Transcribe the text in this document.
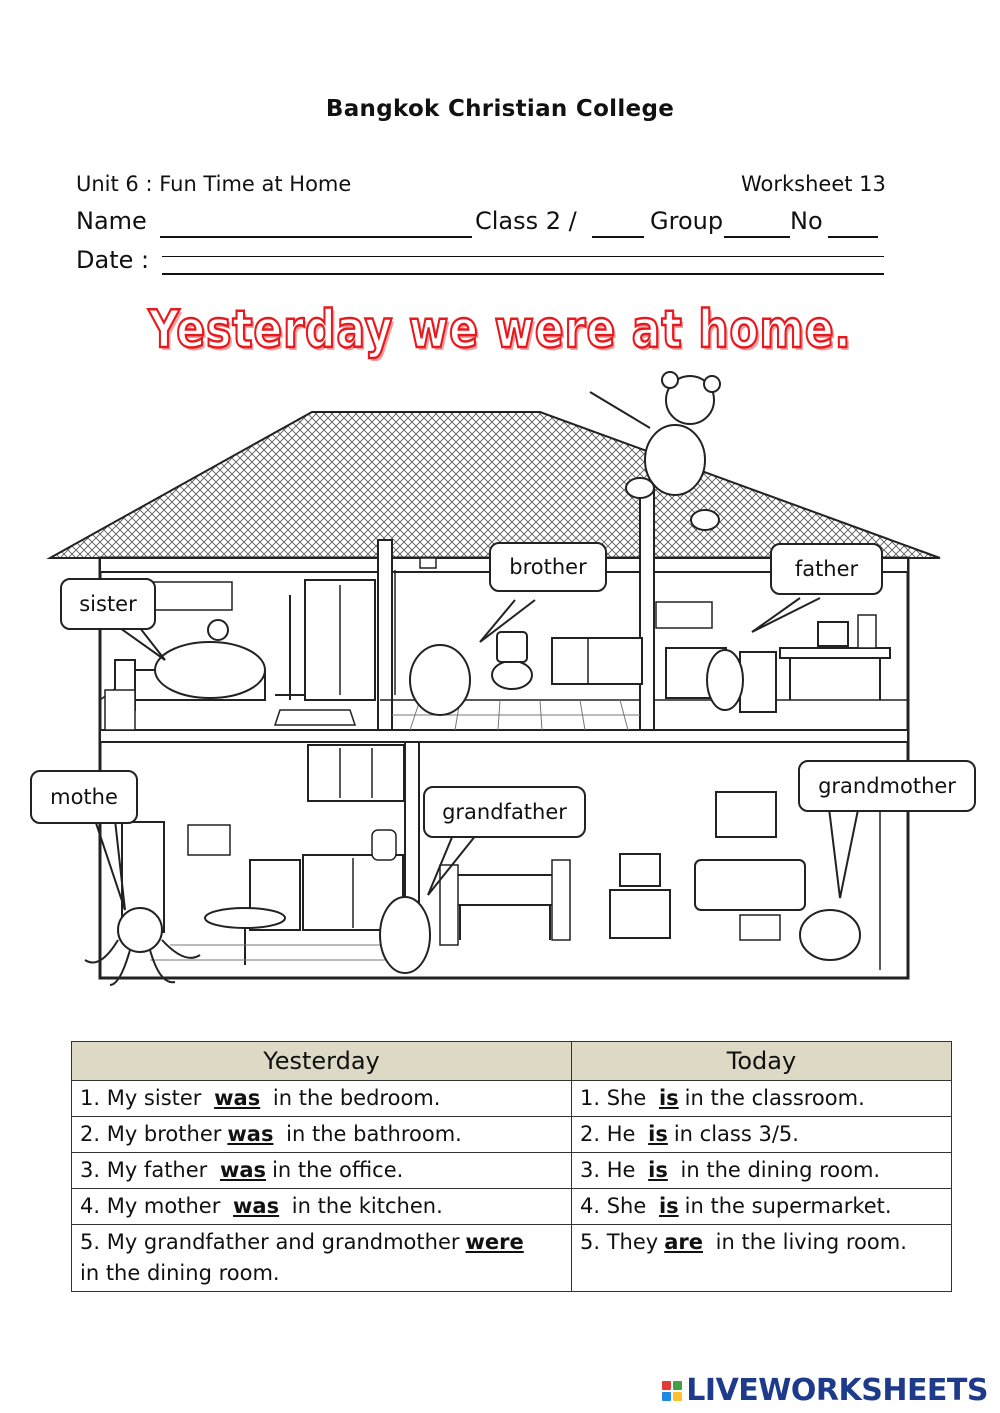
Bangkok Christian College
Unit 6 : Fun Time at Home	Worksheet 13
Name	Class 2 /	Group	No
Date :
Yesterday we were at home.
sister
brother	father
mothe
grandfather
grandmother
Yesterday	Today
1. My sister was in the bedroom.	1. She is in the classroom.
2. My brother was in the bathroom.	2. He is in class 3/5.
3. My father was in the office.	3. He is in the dining room.
4. My mother was in the kitchen.	4. She is in the supermarket.
5. My grandfather and grandmother were
in the dining room.	5. They are in the living room.
LIVEWORKSHEETS
